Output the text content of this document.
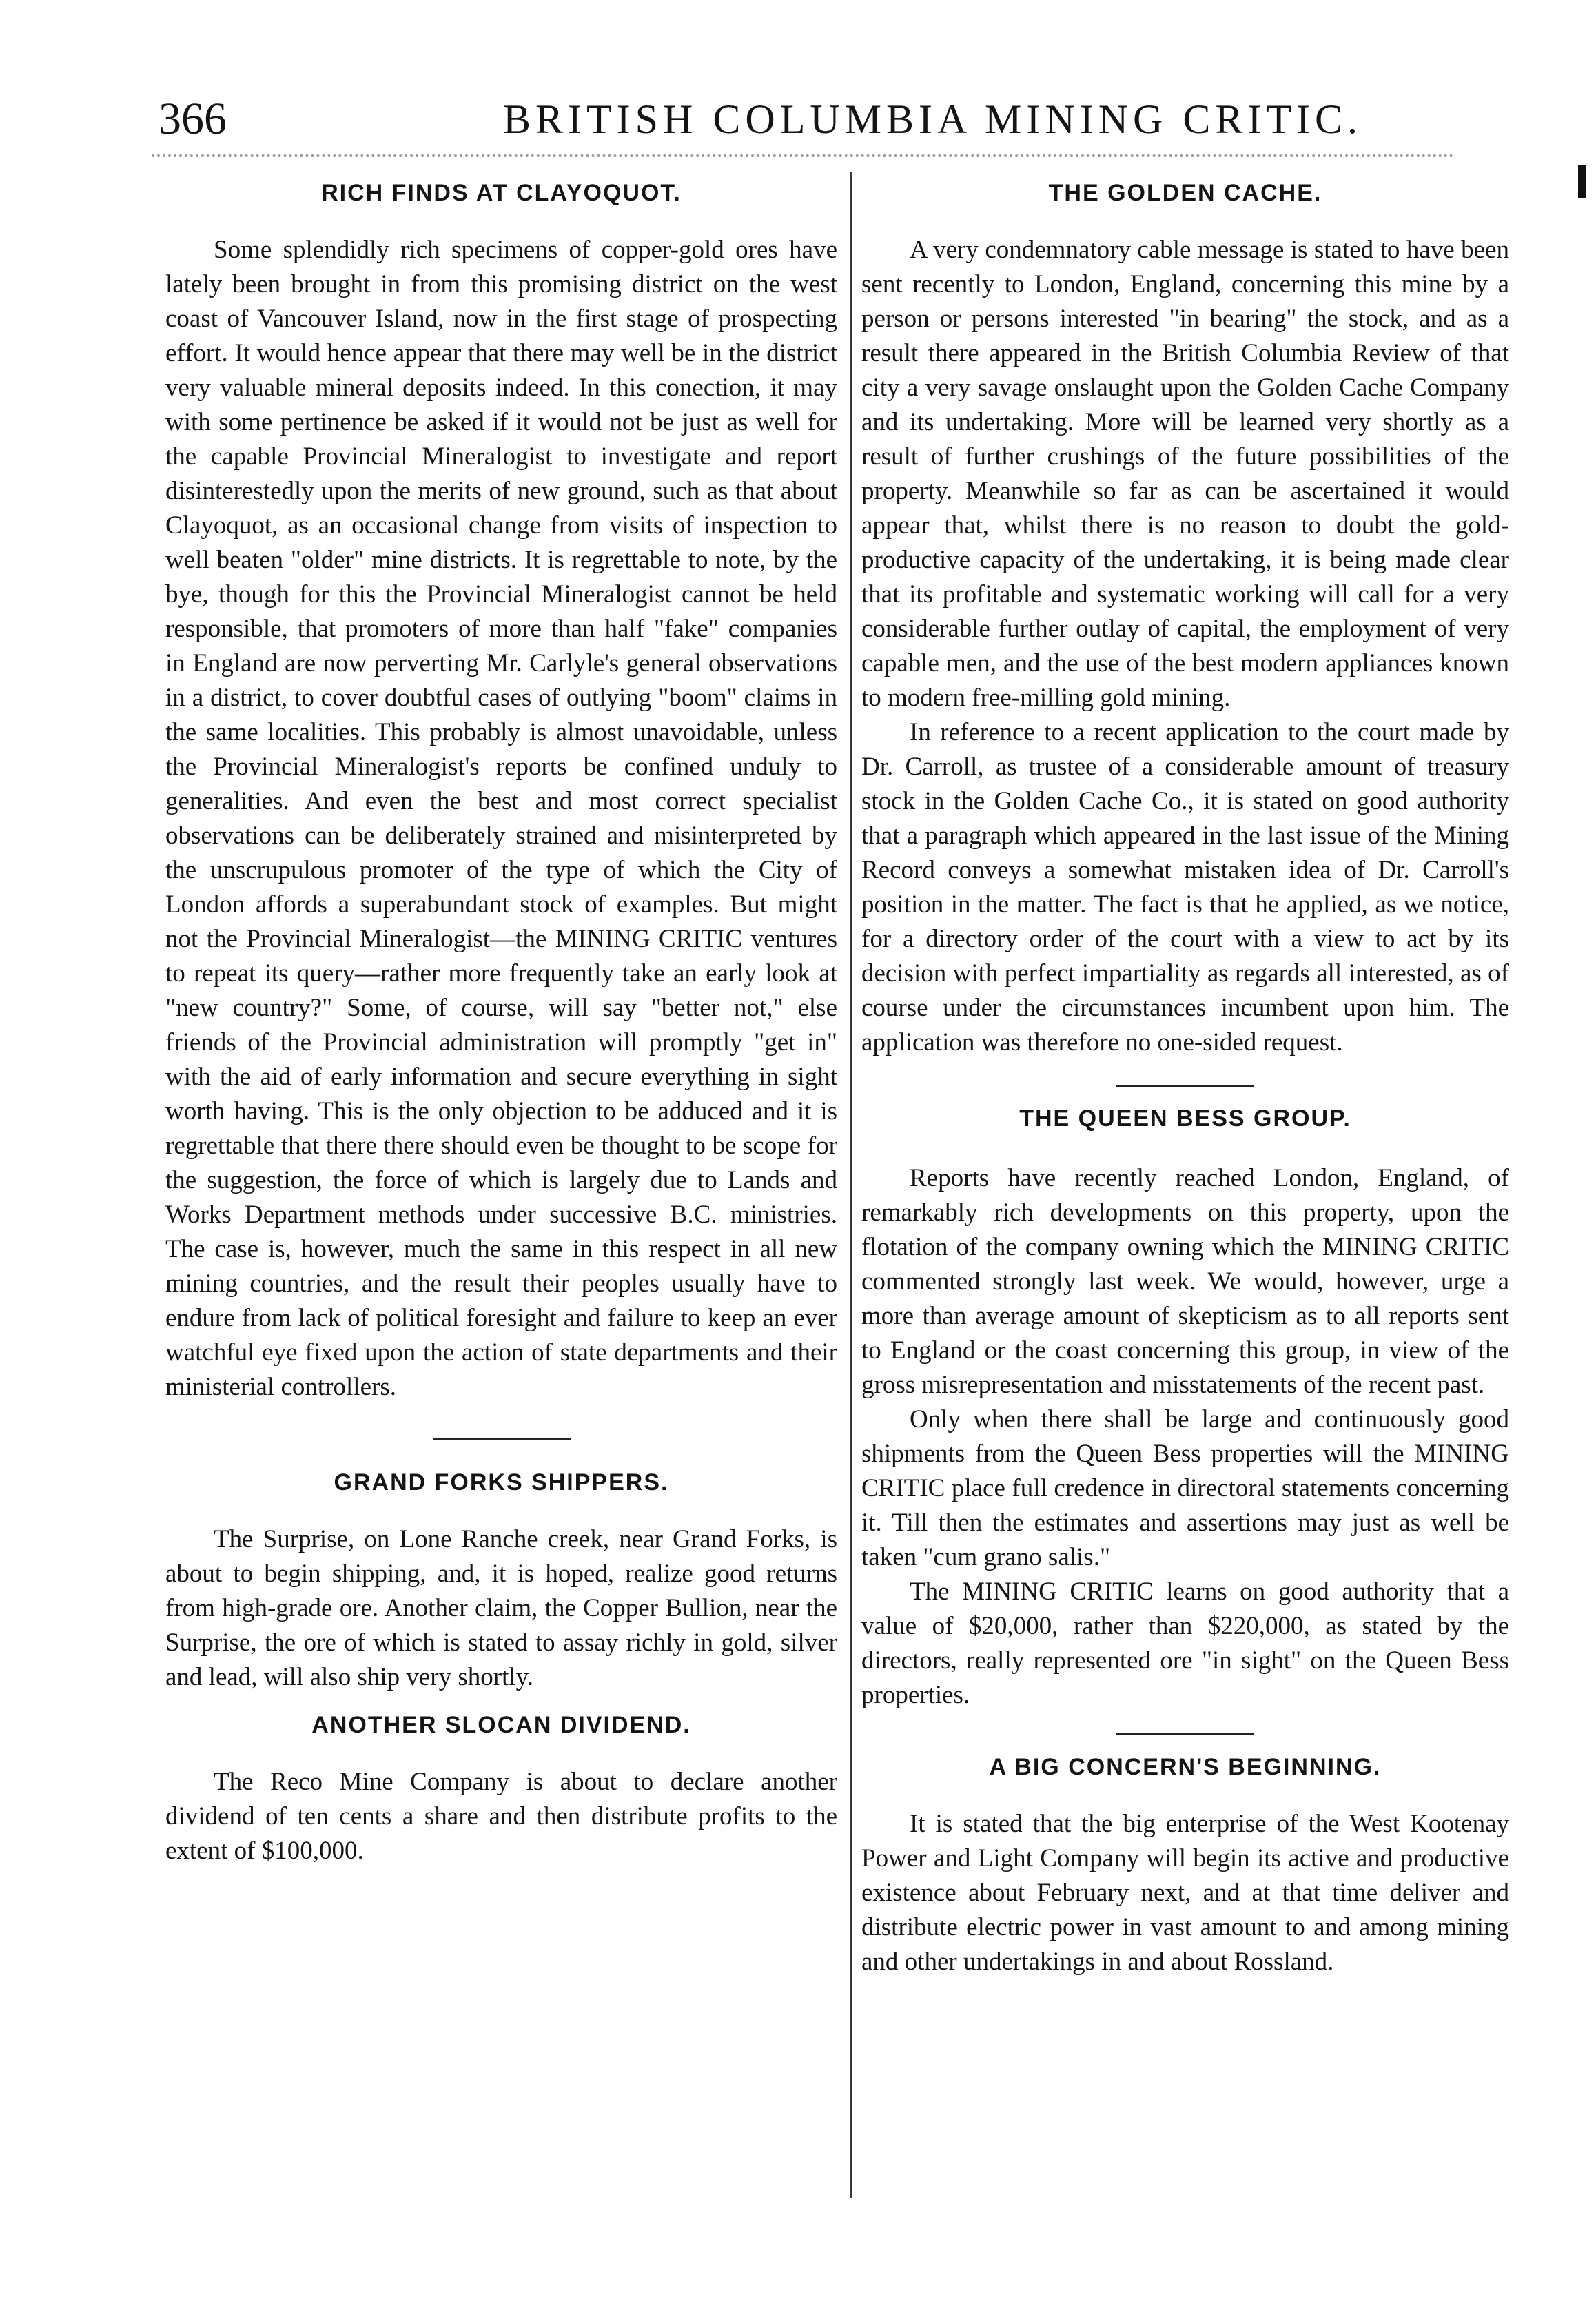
366	BRITISH COLUMBIA MINING CRITIC.
RICH FINDS AT CLAYOQUOT.

Some splendidly rich specimens of copper-gold ores have lately been brought in from this promising district on the west coast of Vancouver Island, now in the first stage of prospecting effort. It would hence appear that there may well be in the district very valuable mineral deposits indeed. In this conection, it may with some pertinence be asked if it would not be just as well for the capable Provincial Mineralogist to investigate and report disinterestedly upon the merits of new ground, such as that about Clayoquot, as an occasional change from visits of inspection to well beaten "older" mine districts. It is regrettable to note, by the bye, though for this the Provincial Mineralogist cannot be held responsible, that promoters of more than half "fake" companies in England are now perverting Mr. Carlyle's general observations in a district, to cover doubtful cases of outlying "boom" claims in the same localities. This probably is almost unavoidable, unless the Provincial Mineralogist's reports be confined unduly to generalities. And even the best and most correct specialist observations can be deliberately strained and misinterpreted by the unscrupulous promoter of the type of which the City of London affords a superabundant stock of examples. But might not the Provincial Mineralogist—the MINING CRITIC ventures to repeat its query—rather more frequently take an early look at "new country?" Some, of course, will say "better not," else friends of the Provincial administration will promptly "get in" with the aid of early information and secure everything in sight worth having. This is the only objection to be adduced and it is regrettable that there there should even be thought to be scope for the suggestion, the force of which is largely due to Lands and Works Department methods under successive B.C. ministries. The case is, however, much the same in this respect in all new mining countries, and the result their peoples usually have to endure from lack of political foresight and failure to keep an ever watchful eye fixed upon the action of state departments and their ministerial controllers.

GRAND FORKS SHIPPERS.

The Surprise, on Lone Ranche creek, near Grand Forks, is about to begin shipping, and, it is hoped, realize good returns from high-grade ore. Another claim, the Copper Bullion, near the Surprise, the ore of which is stated to assay richly in gold, silver and lead, will also ship very shortly.

ANOTHER SLOCAN DIVIDEND.

The Reco Mine Company is about to declare another dividend of ten cents a share and then distribute profits to the extent of $100,000.

THE GOLDEN CACHE.

A very condemnatory cable message is stated to have been sent recently to London, England, concerning this mine by a person or persons interested "in bearing" the stock, and as a result there appeared in the British Columbia Review of that city a very savage onslaught upon the Golden Cache Company and its undertaking. More will be learned very shortly as a result of further crushings of the future possibilities of the property. Meanwhile so far as can be ascertained it would appear that, whilst there is no reason to doubt the gold-productive capacity of the undertaking, it is being made clear that its profitable and systematic working will call for a very considerable further outlay of capital, the employment of very capable men, and the use of the best modern appliances known to modern free-milling gold mining.

In reference to a recent application to the court made by Dr. Carroll, as trustee of a considerable amount of treasury stock in the Golden Cache Co., it is stated on good authority that a paragraph which appeared in the last issue of the Mining Record conveys a somewhat mistaken idea of Dr. Carroll's position in the matter. The fact is that he applied, as we notice, for a directory order of the court with a view to act by its decision with perfect impartiality as regards all interested, as of course under the circumstances incumbent upon him. The application was therefore no one-sided request.

THE QUEEN BESS GROUP.

Reports have recently reached London, England, of remarkably rich developments on this property, upon the flotation of the company owning which the MINING CRITIC commented strongly last week. We would, however, urge a more than average amount of skepticism as to all reports sent to England or the coast concerning this group, in view of the gross misrepresentation and misstatements of the recent past.

Only when there shall be large and continuously good shipments from the Queen Bess properties will the MINING CRITIC place full credence in directoral statements concerning it. Till then the estimates and assertions may just as well be taken "cum grano salis."

The MINING CRITIC learns on good authority that a value of $20,000, rather than $220,000, as stated by the directors, really represented ore "in sight" on the Queen Bess properties.

A BIG CONCERN'S BEGINNING.

It is stated that the big enterprise of the West Kootenay Power and Light Company will begin its active and productive existence about February next, and at that time deliver and distribute electric power in vast amount to and among mining and other undertakings in and about Rossland.
